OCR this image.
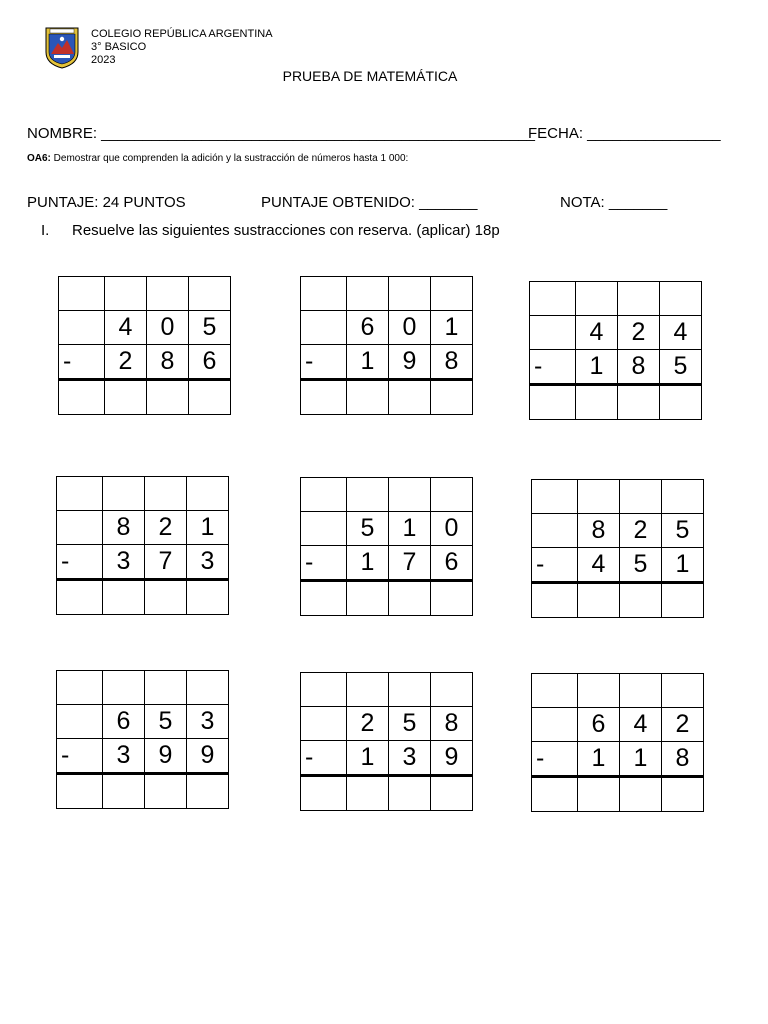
COLEGIO REPÚBLICA ARGENTINA
3° BASICO
2023
PRUEBA DE MATEMÁTICA
NOMBRE: ____________________________________________________
FECHA: ________________
OA6: Demostrar que comprenden la adición y la sustracción de números hasta 1 000:
PUNTAJE: 24 PUNTOS	PUNTAJE OBTENIDO: _______	NOTA: _______
I. Resuelve las siguientes sustracciones con reserva. (aplicar) 18p

	4	0	5
-	2	8	6

	6	0	1
-	1	9	8

	4	2	4
-	1	8	5

	8	2	1
-	3	7	3

	5	1	0
-	1	7	6

	8	2	5
-	4	5	1

	6	5	3
-	3	9	9

	2	5	8
-	1	3	9

	6	4	2
-	1	1	8
